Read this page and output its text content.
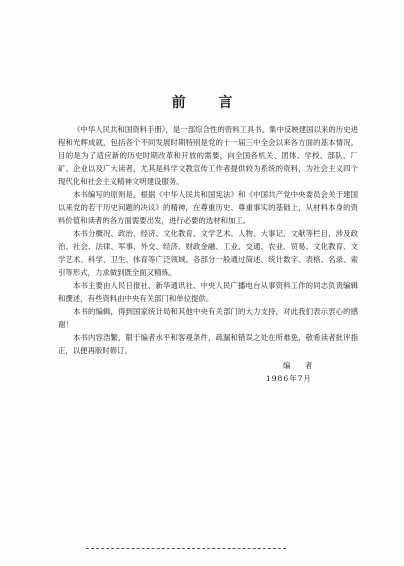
前 言

《中华人民共和国资料手册》，是一部综合性的资料工具书。集中反映建国以来的历史进程和光辉成就，包括各个不同发展时期特别是党的十一届三中全会以来各方面的基本情况。目的是为了适应新的历史时期改革和开放的需要，向全国各机关、团体、学校、部队、厂矿、企业以及广大读者，尤其是科学文教宣传工作者提供较为系统的资料，为社会主义四个现代化和社会主义精神文明建设服务。

本书编写的原则是，根据《中华人民共和国宪法》和《中国共产党中央委员会关于建国以来党的若干历史问题的决议》的精神，在尊重历史、尊重事实的基础上，从材料本身的资料价值和读者的各方面需要出发，进行必要的选材和加工。

本书分概况、政治、经济、文化教育、文学艺术、人物、大事记、文献等栏目，涉及政治、社会、法律、军事、外交、经济、财政金融、工业、交通、农业、贸易、文化教育、文学艺术、科学、卫生、体育等广泛领域。各部分一般通过简述、统计数字、表格、名录、索引等形式，力求做到既全面又精炼。

本书主要由人民日报社、新华通讯社、中央人民广播电台从事资料工作的同志负责编辑和撰述，有些资料由中央有关部门和单位提供。

本书的编辑，得到国家统计局和其他中央有关部门的大力支持，对此我们表示衷心的感谢！

本书内容浩繁，限于编者水平和客观条件，疏漏和错误之处在所难免，敬希读者批评指正，以便再版时修订。

编 者
1986年7月
